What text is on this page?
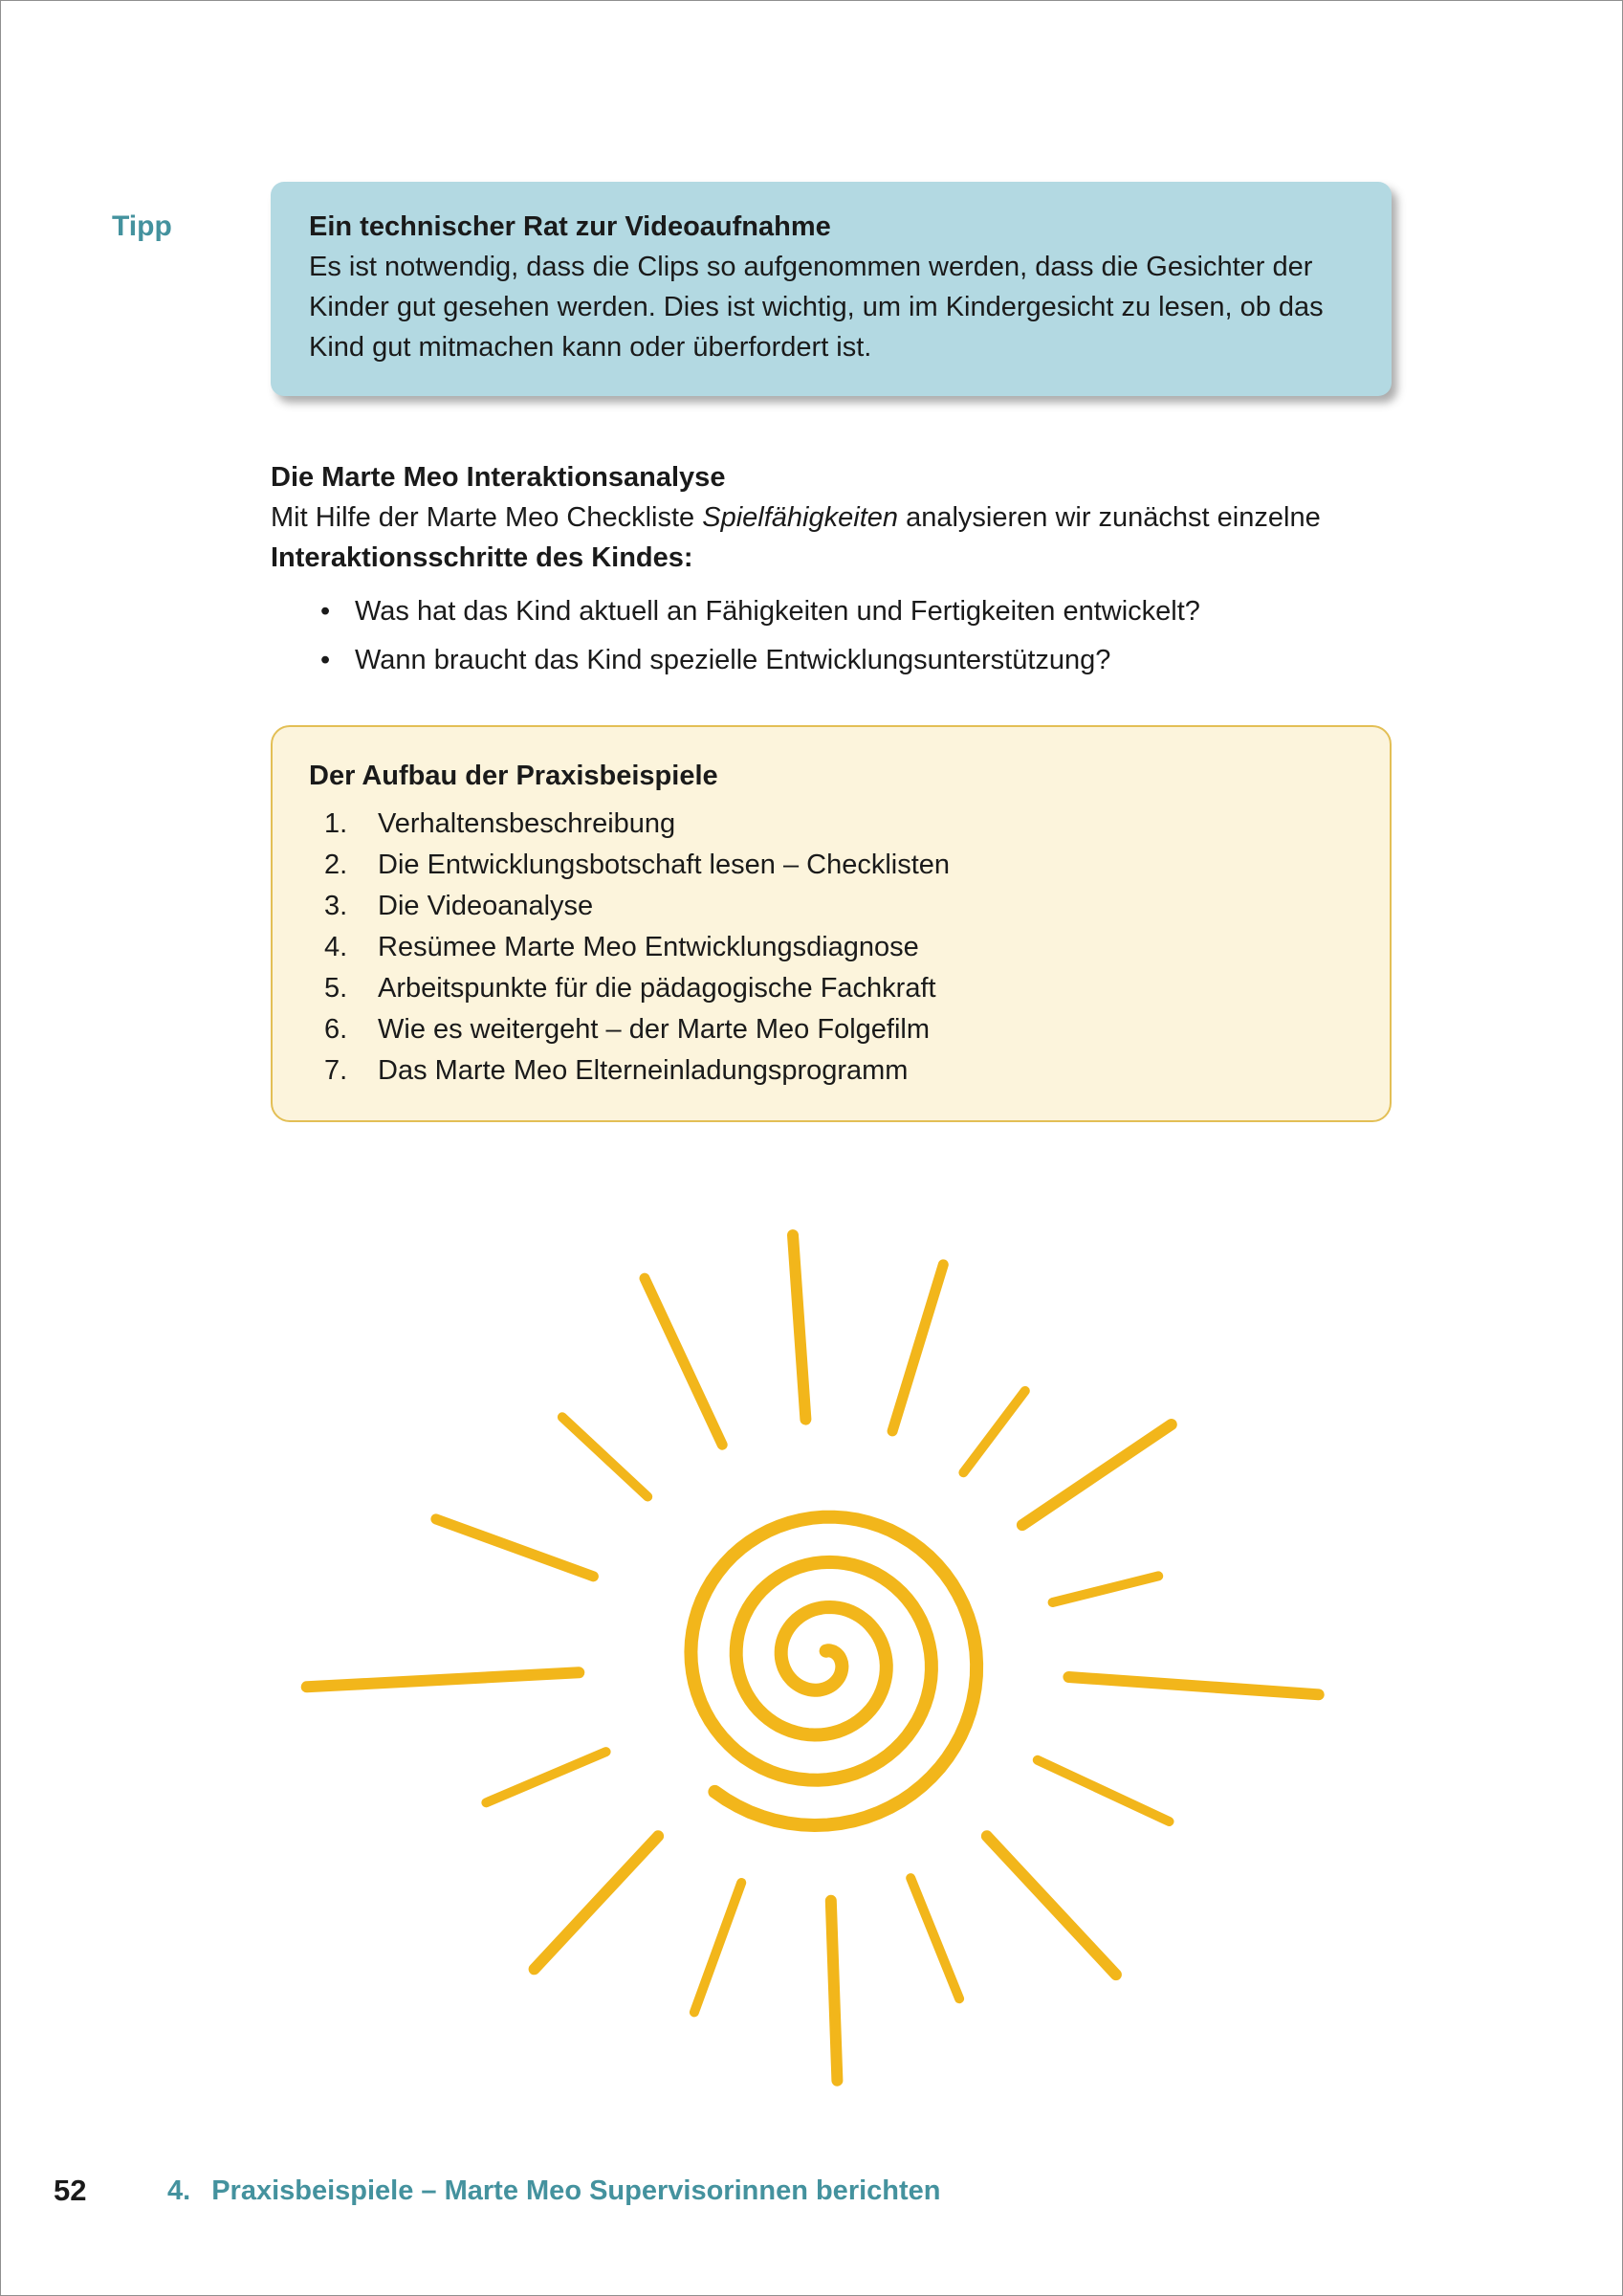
Tipp	Ein technischer Rat zur Videoaufnahme
Es ist notwendig, dass die Clips so aufgenommen werden, dass die Gesichter der Kinder gut gesehen werden. Dies ist wichtig, um im Kindergesicht zu lesen, ob das Kind gut mitmachen kann oder überfordert ist.
Die Marte Meo Interaktionsanalyse

Mit Hilfe der Marte Meo Checkliste Spielfähigkeiten analysieren wir zunächst einzelne
Interaktionsschritte des Kindes:

• Was hat das Kind aktuell an Fähigkeiten und Fertigkeiten entwickelt?
• Wann braucht das Kind spezielle Entwicklungsunterstützung?
Der Aufbau der Praxisbeispiele
1.	Verhaltensbeschreibung
2.	Die Entwicklungsbotschaft lesen – Checklisten
3.	Die Videoanalyse
4.	Resümee Marte Meo Entwicklungsdiagnose
5.	Arbeitspunkte für die pädagogische Fachkraft
6.	Wie es weitergeht – der Marte Meo Folgefilm
7.	Das Marte Meo Elterneinladungsprogramm
52	4. Praxisbeispiele – Marte Meo Supervisorinnen berichten
